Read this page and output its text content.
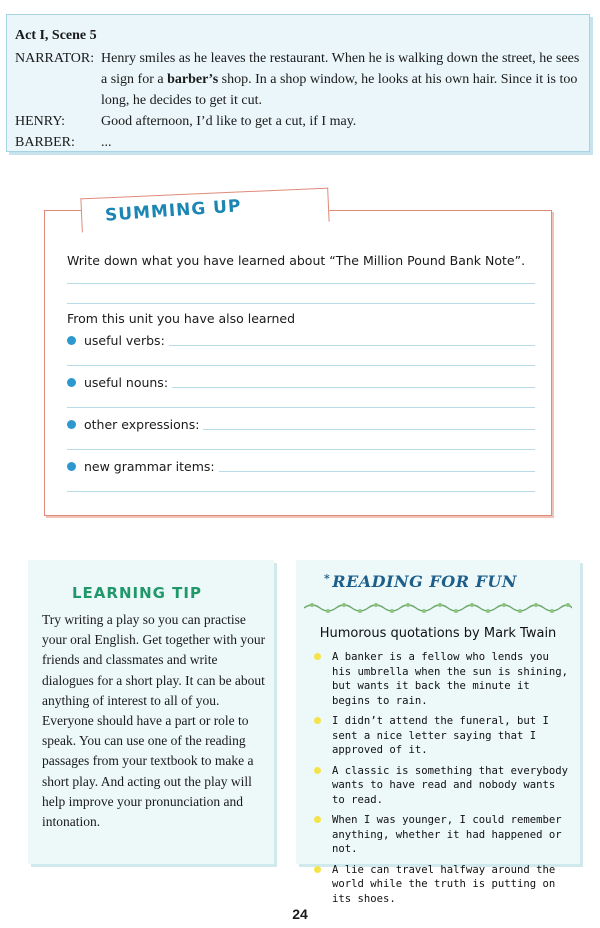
Act I, Scene 5
NARRATOR: Henry smiles as he leaves the restaurant. When he is walking down the street, he sees a sign for a barber’s shop. In a shop window, he looks at his own hair. Since it is too long, he decides to get it cut.
HENRY:	Good afternoon, I’d like to get a cut, if I may.
BARBER:	...
SUMMING UP
Write down what you have learned about “The Million Pound Bank Note”.
From this unit you have also learned
useful verbs:
useful nouns:
other expressions:
new grammar items:
LEARNING TIP
Try writing a play so you can practise your oral English. Get together with your friends and classmates and write dialogues for a short play. It can be about anything of interest to all of you. Everyone should have a part or role to speak. You can use one of the reading passages from your textbook to make a short play. And acting out the play will help improve your pronunciation and intonation.
* READING FOR FUN
Humorous quotations by Mark Twain
A banker is a fellow who lends you his umbrella when the sun is shining, but wants it back the minute it begins to rain.
I didn’t attend the funeral, but I sent a nice letter saying that I approved of it.
A classic is something that everybody wants to have read and nobody wants to read.
When I was younger, I could remember anything, whether it had happened or not.
A lie can travel halfway around the world while the truth is putting on its shoes.
24
